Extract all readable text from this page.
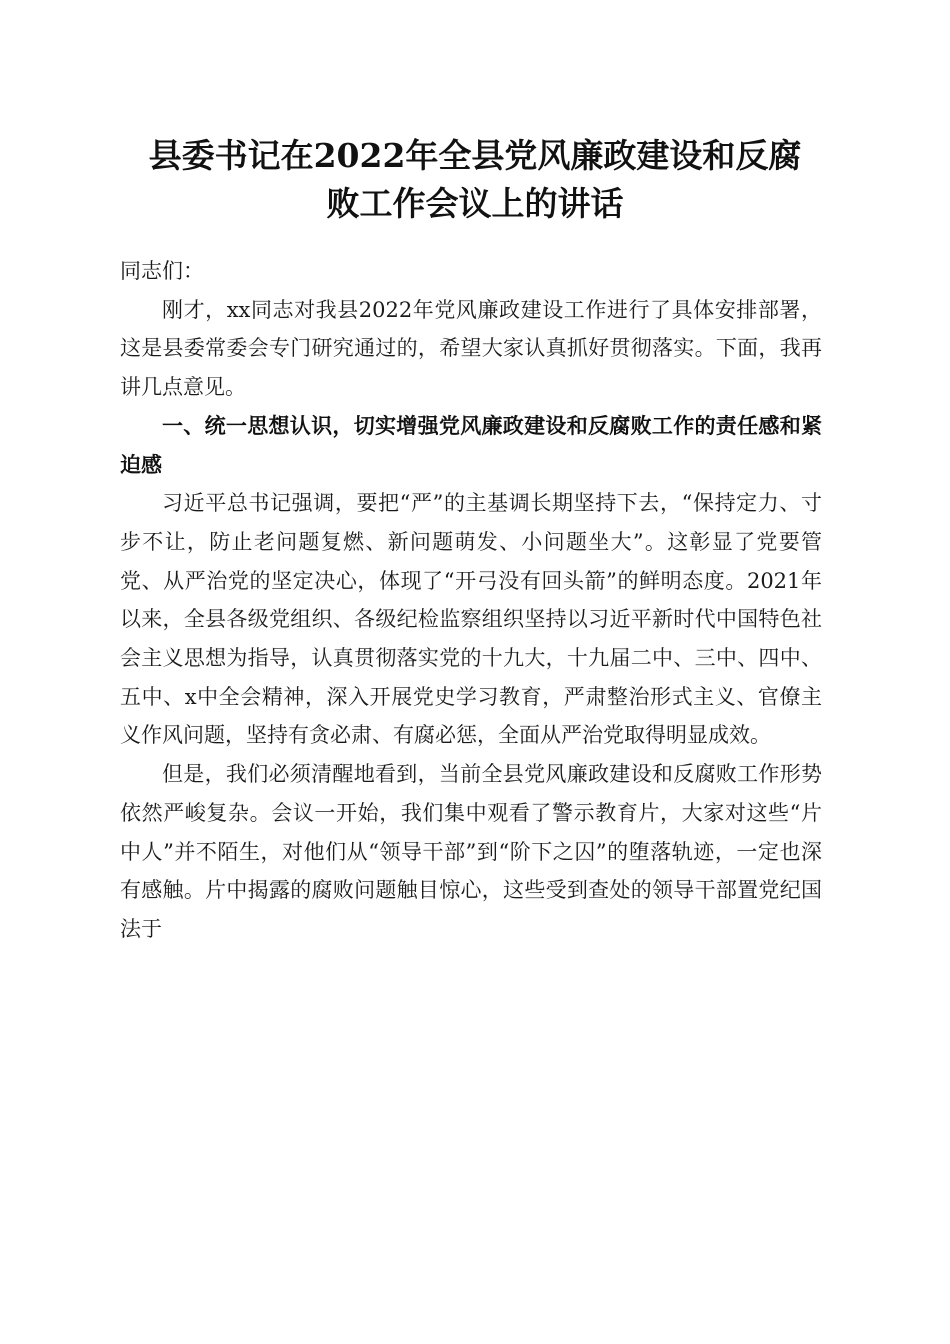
县委书记在2022年全县党风廉政建设和反腐
败工作会议上的讲话

同志们：

刚才，xx同志对我县2022年党风廉政建设工作进行了具体安排部署，这是县委常委会专门研究通过的，希望大家认真抓好贯彻落实。下面，我再讲几点意见。

一、统一思想认识，切实增强党风廉政建设和反腐败工作的责任感和紧迫感

习近平总书记强调，要把“严”的主基调长期坚持下去，“保持定力、寸步不让，防止老问题复燃、新问题萌发、小问题坐大”。这彰显了党要管党、从严治党的坚定决心，体现了“开弓没有回头箭”的鲜明态度。2021年以来，全县各级党组织、各级纪检监察组织坚持以习近平新时代中国特色社会主义思想为指导，认真贯彻落实党的十九大，十九届二中、三中、四中、五中、x中全会精神，深入开展党史学习教育，严肃整治形式主义、官僚主义作风问题，坚持有贪必肃、有腐必惩，全面从严治党取得明显成效。

但是，我们必须清醒地看到，当前全县党风廉政建设和反腐败工作形势依然严峻复杂。会议一开始，我们集中观看了警示教育片，大家对这些“片中人”并不陌生，对他们从“领导干部”到“阶下之囚”的堕落轨迹，一定也深有感触。片中揭露的腐败问题触目惊心，这些受到查处的领导干部置党纪国法于
